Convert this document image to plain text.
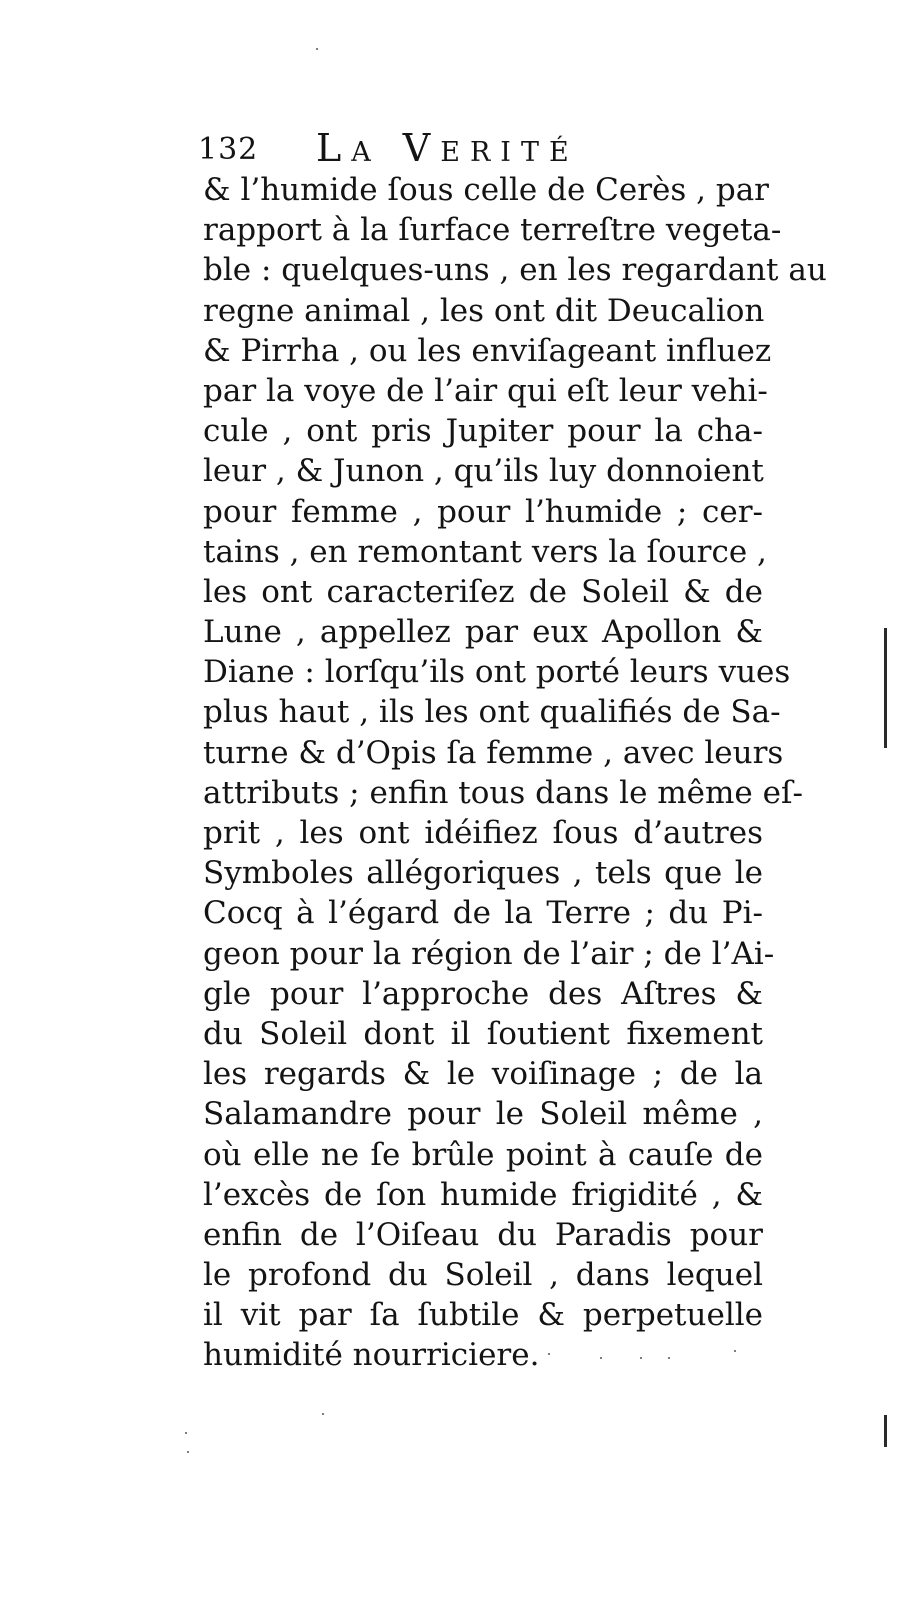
132 La Verité
& l’humide ſous celle de Cerès , par
rapport à la ſurface terreſtre vegeta-
ble : quelques-uns , en les regardant au
regne animal , les ont dit Deucalion
& Pirrha , ou les enviſageant influez
par la voye de l’air qui eſt leur vehi-
cule , ont pris Jupiter pour la cha-
leur , & Junon , qu’ils luy donnoient
pour femme , pour l’humide ; cer-
tains , en remontant vers la ſource ,
les ont caracteriſez de Soleil & de
Lune , appellez par eux Apollon &
Diane : lorſqu’ils ont porté leurs vues
plus haut , ils les ont qualifiés de Sa-
turne & d’Opis ſa femme , avec leurs
attributs ; enfin tous dans le même eſ-
prit , les ont idéifiez ſous d’autres
Symboles allégoriques , tels que le
Cocq à l’égard de la Terre ; du Pi-
geon pour la région de l’air ; de l’Ai-
gle pour l’approche des Aſtres &
du Soleil dont il ſoutient fixement
les regards & le voiſinage ; de la
Salamandre pour le Soleil même ,
où elle ne ſe brûle point à cauſe de
l’excès de ſon humide frigidité , &
enfin de l’Oiſeau du Paradis pour
le profond du Soleil , dans lequel
il vit par ſa ſubtile & perpetuelle
humidité nourriciere.
